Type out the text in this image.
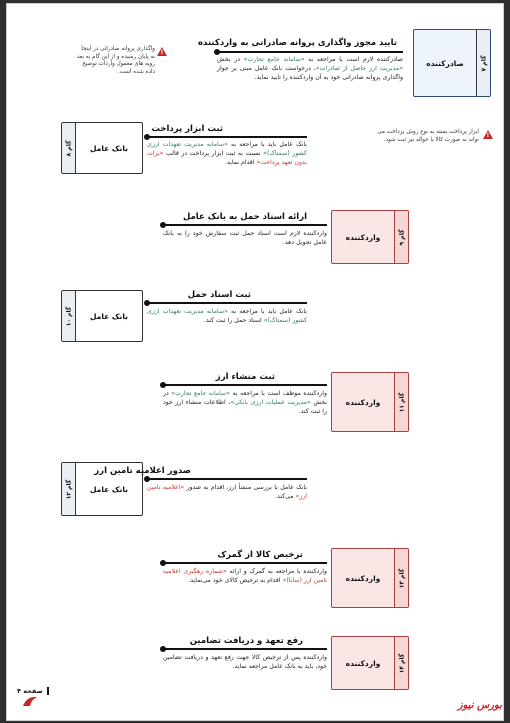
صادرکننده
گام ۷
تایید مجوز واگذاری پروانه صادراتی به واردکننده
صادرکننده لازم است با مراجعه به «سامانه جامع تجارت» در بخش «مدیریت ارز حاصل از صادرات»، درخواست بانک عامل مبنی بر جواز واگذاری پروانه صادراتی خود به آن واردکننده را تایید نماید.
!
واگذاری پروانه صادراتی در اینجا به پایان رسیده و از این گام به بعد رویه های معمول واردات توضیح داده شده است.
گام ۸	بانک عامل
ثبت ابزار پرداخت
بانک عامل باید با مراجعه به «سامانه مدیریت تعهدات ارزی کشور (سمتاک)» نسبت به ثبت ابزار پرداخت در قالب «برات بدون تعهد پرداخت» اقدام نماید.
!
ابزار پرداخت بسته به نوع روش پرداخت می تواند به صورت کالا با حواله نیز ثبت شود.
واردکننده
گام ۹
ارائه اسناد حمل به بانک عامل
واردکننده لازم است اسناد حمل ثبت سفارش خود را به بانک عامل تحویل دهد.
گام ۱۰	بانک عامل
ثبت اسناد حمل
بانک عامل باید با مراجعه به «سامانه مدیریت تعهدات ارزی کشور (سمتاک)» اسناد حمل را ثبت کند.
واردکننده
گام ۱۱
ثبت منشاء ارز
واردکننده موظف است با مراجعه به «سامانه جامع تجارت» در بخش «مدیریت عملیات ارزی بانکی»، اطلاعات منشاء ارز خود را ثبت کند.
گام ۱۲	بانک عامل
صدور اعلامیه تامین ارز
بانک عامل با بررسی منشأ ارز، اقدام به صدور «اعلامیه تامین ارز» می‌کند.
واردکننده
گام ۱۳
ترخیص کالا از گمرک
واردکننده با مراجعه به گمرک و ارائه «شماره رهگیری اعلامیه تامین ارز (ساتا)» اقدام به ترخیص کالای خود می‌نماید.
واردکننده
گام ۱۴
رفع تعهد و دریافت تضامین
واردکننده پس از ترخیص کالا جهت رفع تعهد و دریافت تضامین خود، باید به بانک عامل مراجعه نماید.
صفحه ۴
بورس نیوز
